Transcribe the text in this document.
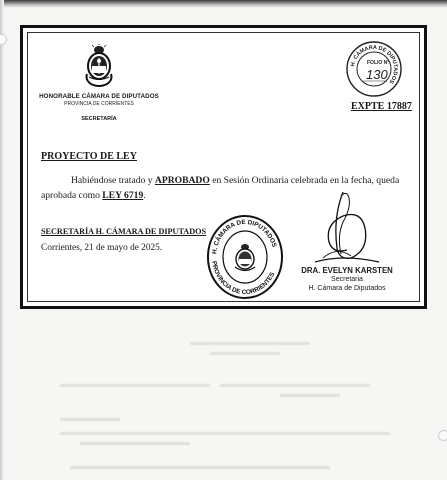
HONORABLE CÁMARA DE DIPUTADOS
PROVINCIA DE CORRIENTES
SECRETARÍA
H. CÁMARA DE DIPUTADOS
FOLIO N°
130
EXPTE 17887
PROYECTO DE LEY
Habiéndose tratado y APROBADO en Sesión Ordinaria celebrada en la fecha, queda aprobada como LEY 6719.
SECRETARÍA H. CÁMARA DE DIPUTADOS
Corrientes, 21 de mayo de 2025.	H. CÁMARA DE DIPUTADOS
PROVINCIA DE CORRIENTES	DRA. EVELYN KARSTEN
Secretaria
H. Cámara de Diputados
